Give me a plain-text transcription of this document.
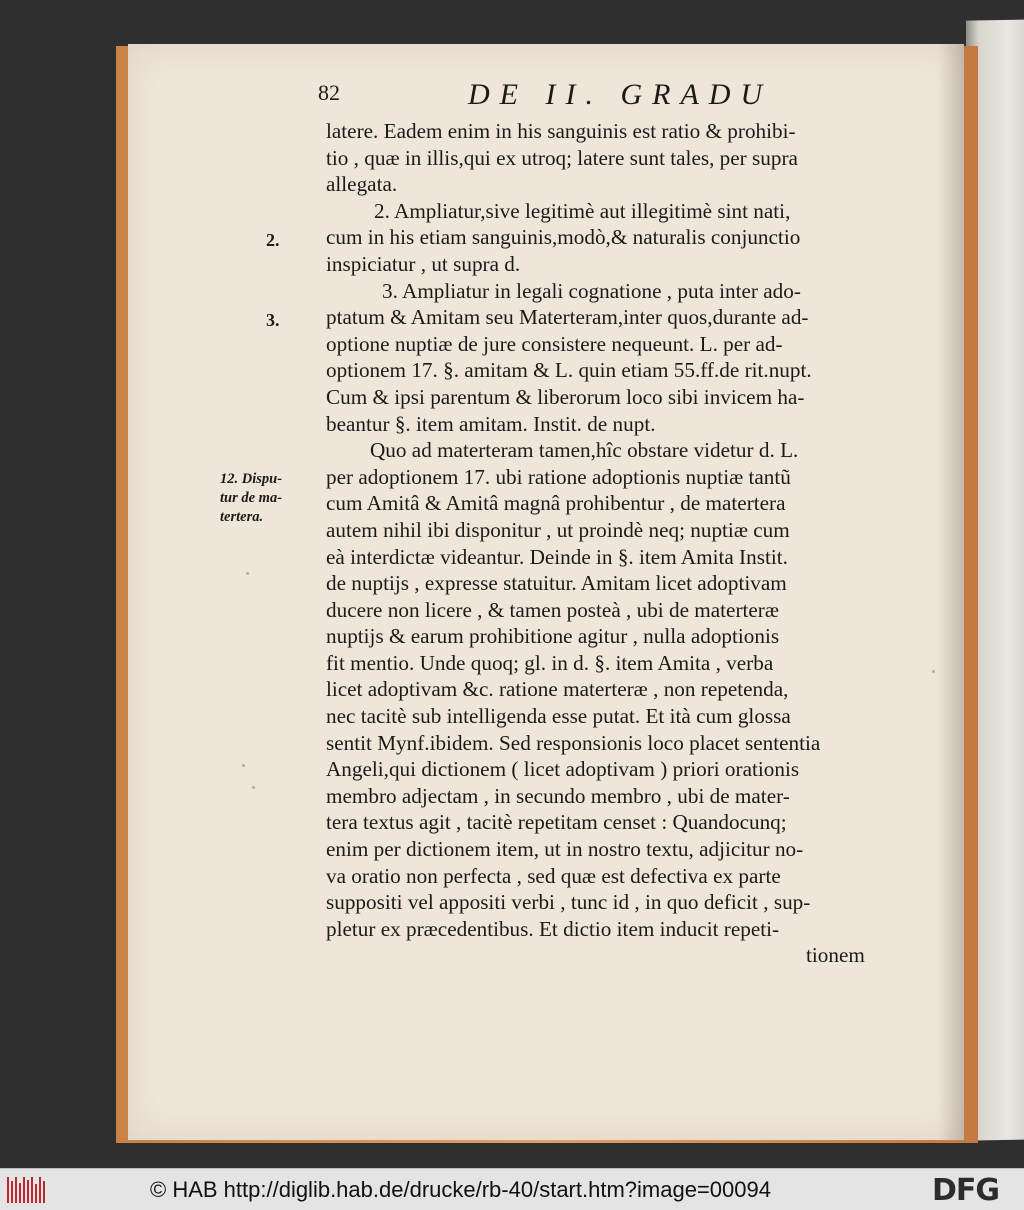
82	DE II. GRADU
2.
3.
12. Dispu-
tur de ma-
tertera.
latere. Eadem enim in his sanguinis est ratio & prohibi-
tio , quæ in illis,qui ex utroq; latere sunt tales, per supra
allegata.
2. Ampliatur,sive legitimè aut illegitimè sint nati,
cum in his etiam sanguinis,modò,& naturalis conjunctio
inspiciatur , ut supra d.
3. Ampliatur in legali cognatione , puta inter ado-
ptatum & Amitam seu Materteram,inter quos,durante ad-
optione nuptiæ de jure consistere nequeunt. L. per ad-
optionem 17. §. amitam & L. quin etiam 55.ff.de rit.nupt.
Cum & ipsi parentum & liberorum loco sibi invicem ha-
beantur §. item amitam. Instit. de nupt.
Quo ad materteram tamen,hîc obstare videtur d. L.
per adoptionem 17. ubi ratione adoptionis nuptiæ tantũ
cum Amitâ & Amitâ magnâ prohibentur , de matertera
autem nihil ibi disponitur , ut proindè neq; nuptiæ cum
eà interdictæ videantur. Deinde in §. item Amita Instit.
de nuptijs , expresse statuitur. Amitam licet adoptivam
ducere non licere , & tamen posteà , ubi de materteræ
nuptijs & earum prohibitione agitur , nulla adoptionis
fit mentio. Unde quoq; gl. in d. §. item Amita , verba
licet adoptivam &c. ratione materteræ , non repetenda,
nec tacitè sub intelligenda esse putat. Et ità cum glossa
sentit Mynf.ibidem. Sed responsionis loco placet sententia
Angeli,qui dictionem ( licet adoptivam ) priori orationis
membro adjectam , in secundo membro , ubi de mater-
tera textus agit , tacitè repetitam censet : Quandocunq;
enim per dictionem item, ut in nostro textu, adjicitur no-
va oratio non perfecta , sed quæ est defectiva ex parte
suppositi vel appositi verbi , tunc id , in quo deficit , sup-
pletur ex præcedentibus. Et dictio item inducit repeti-
tionem
© HAB http://diglib.hab.de/drucke/rb-40/start.htm?image=00094	DFG
